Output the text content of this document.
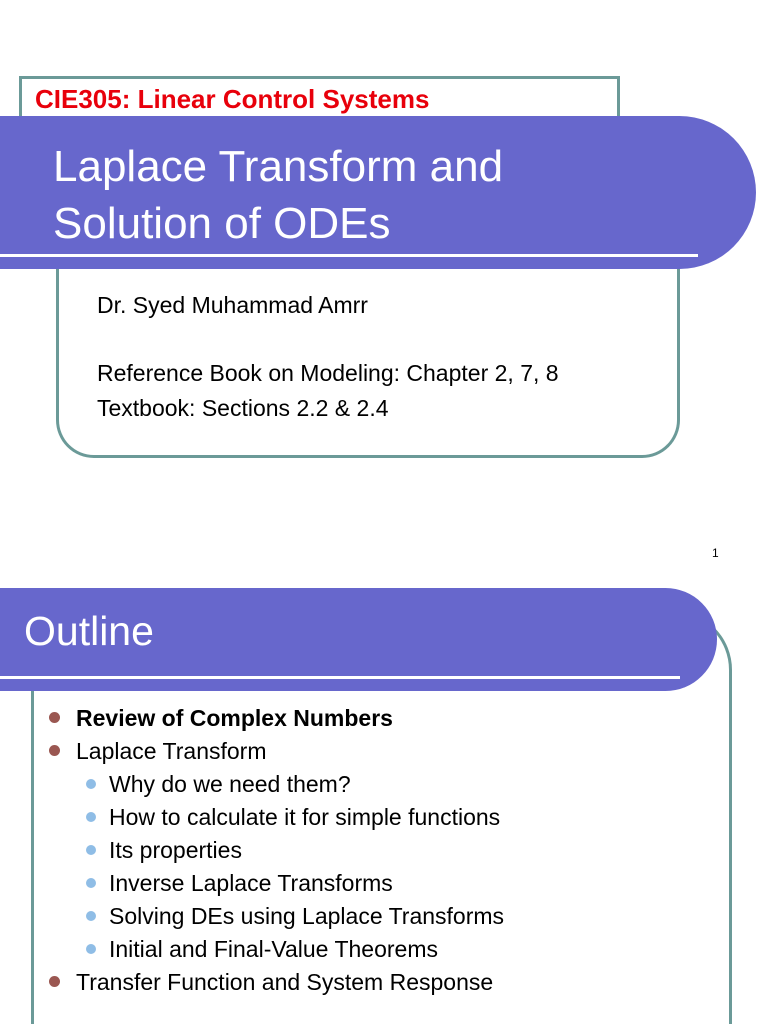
CIE305: Linear Control Systems
Laplace Transform and
Solution of ODEs
Dr. Syed Muhammad Amrr
Reference Book on Modeling: Chapter 2, 7, 8
Textbook: Sections 2.2 & 2.4
1
Outline
Review of Complex Numbers
Laplace Transform
Why do we need them?
How to calculate it for simple functions
Its properties
Inverse Laplace Transforms
Solving DEs using Laplace Transforms
Initial and Final-Value Theorems
Transfer Function and System Response
